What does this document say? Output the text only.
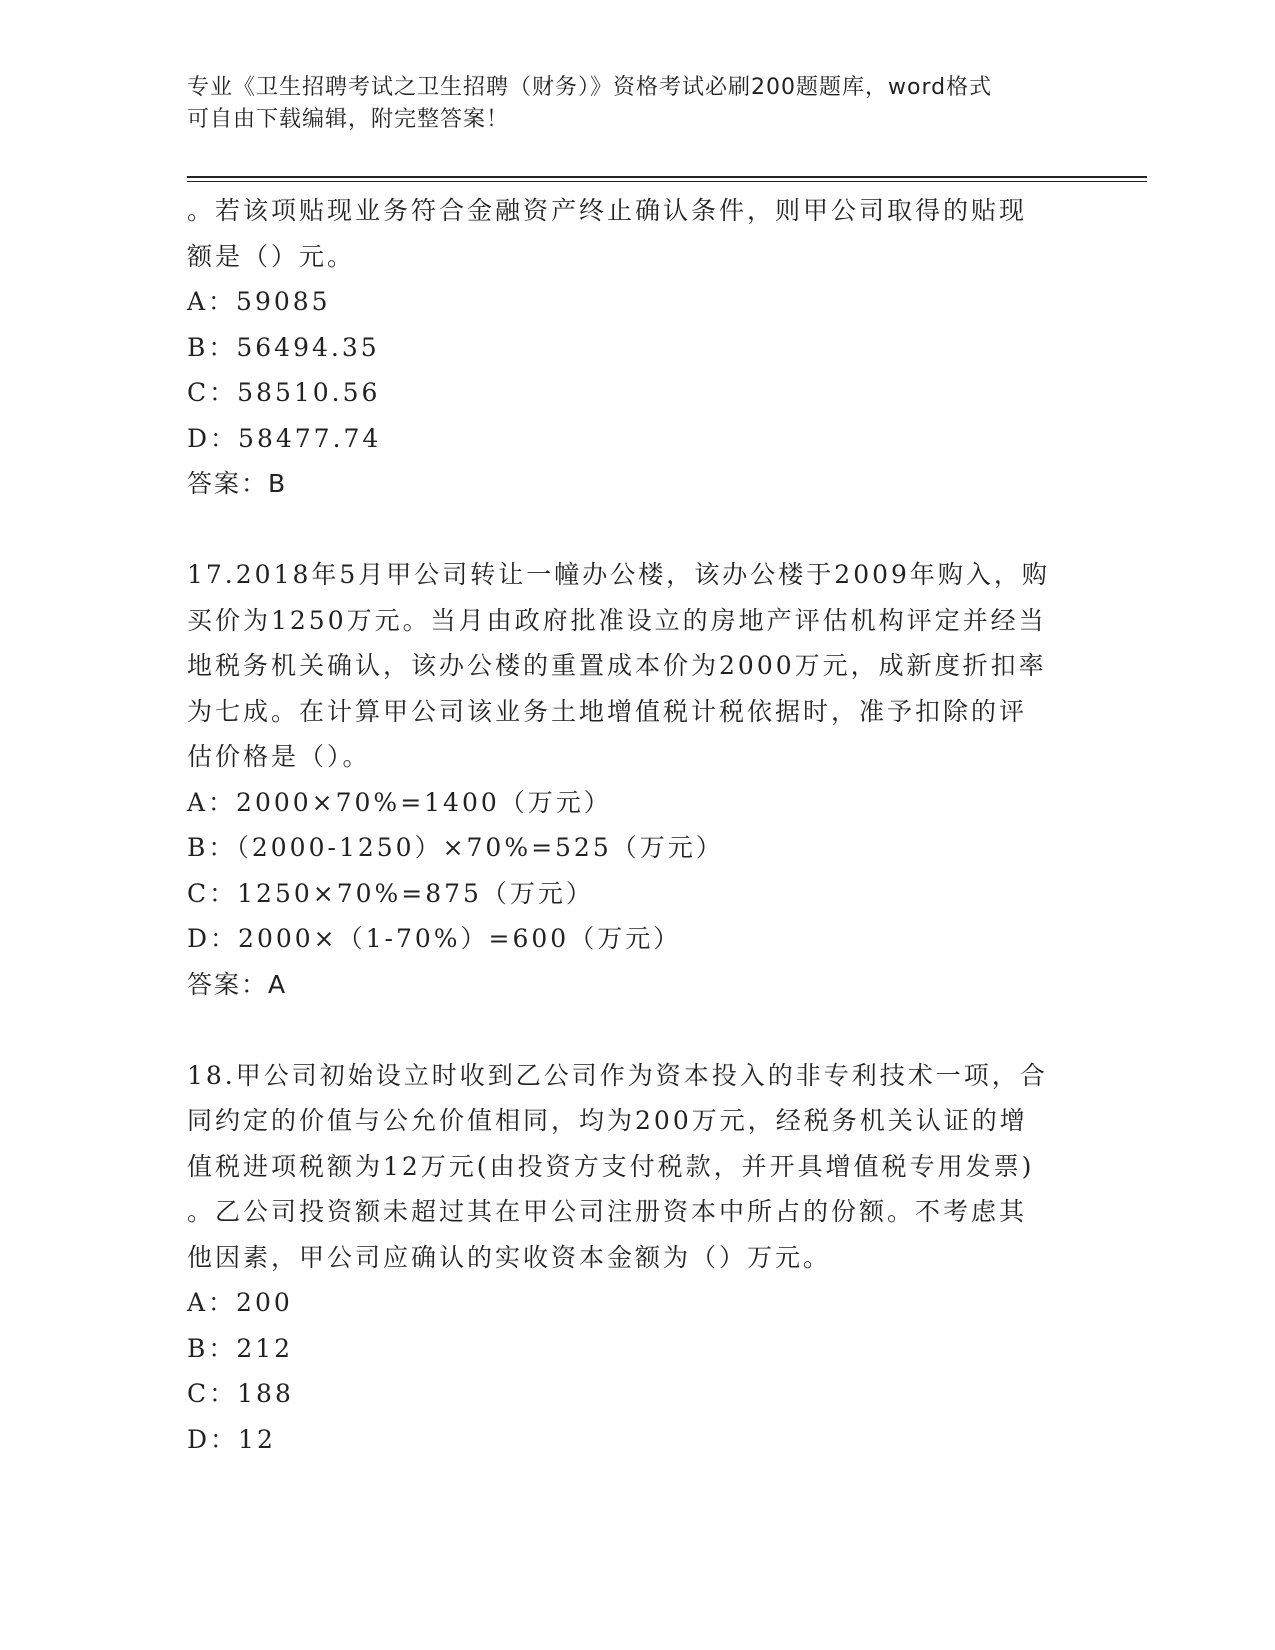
专业《卫生招聘考试之卫生招聘（财务）》资格考试必刷200题题库，word格式
可自由下载编辑，附完整答案！

。若该项贴现业务符合金融资产终止确认条件，则甲公司取得的贴现

额是（）元。

A：59085

B：56494.35

C：58510.56

D：58477.74

答案：B

17.2018年5月甲公司转让一幢办公楼，该办公楼于2009年购入，购

买价为1250万元。当月由政府批准设立的房地产评估机构评定并经当

地税务机关确认，该办公楼的重置成本价为2000万元，成新度折扣率

为七成。在计算甲公司该业务土地增值税计税依据时，准予扣除的评

估价格是（）。

A：2000×70%=1400（万元）

B：（2000-1250）×70%=525（万元）

C：1250×70%=875（万元）

D：2000×（1-70%）=600（万元）

答案：A

18.甲公司初始设立时收到乙公司作为资本投入的非专利技术一项，合

同约定的价值与公允价值相同，均为200万元，经税务机关认证的增

值税进项税额为12万元(由投资方支付税款，并开具增值税专用发票)

。乙公司投资额未超过其在甲公司注册资本中所占的份额。不考虑其

他因素，甲公司应确认的实收资本金额为（）万元。

A：200

B：212

C：188

D：12
